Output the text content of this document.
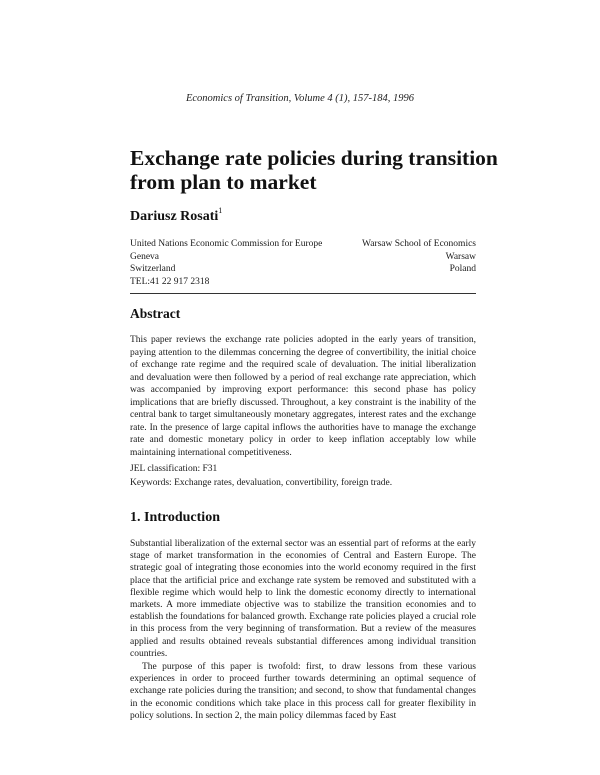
Economics of Transition, Volume 4 (1), 157-184, 1996
Exchange rate policies during transition from plan to market
Dariusz Rosati$^1$
United Nations Economic Commission for Europe
Geneva
Switzerland
TEL:41 22 917 2318
Warsaw School of Economics
Warsaw
Poland
Abstract
This paper reviews the exchange rate policies adopted in the early years of transition, paying attention to the dilemmas concerning the degree of convertibility, the initial choice of exchange rate regime and the required scale of devaluation. The initial liberalization and devaluation were then followed by a period of real exchange rate appreciation, which was accompanied by improving export performance: this second phase has policy implications that are briefly discussed. Throughout, a key constraint is the inability of the central bank to target simultaneously monetary aggregates, interest rates and the exchange rate. In the presence of large capital inflows the authorities have to manage the exchange rate and domestic monetary policy in order to keep inflation acceptably low while maintaining international competitiveness.
JEL classification: F31
Keywords: Exchange rates, devaluation, convertibility, foreign trade.
1. Introduction
Substantial liberalization of the external sector was an essential part of reforms at the early stage of market transformation in the economies of Central and Eastern Europe. The strategic goal of integrating those economies into the world economy required in the first place that the artificial price and exchange rate system be removed and substituted with a flexible regime which would help to link the domestic economy directly to international markets. A more immediate objective was to stabilize the transition economies and to establish the foundations for balanced growth. Exchange rate policies played a crucial role in this process from the very beginning of transformation. But a review of the measures applied and results obtained reveals substantial differences among individual transition countries.
The purpose of this paper is twofold: first, to draw lessons from these various experiences in order to proceed further towards determining an optimal sequence of exchange rate policies during the transition; and second, to show that fundamental changes in the economic conditions which take place in this process call for greater flexibility in policy solutions. In section 2, the main policy dilemmas faced by East
